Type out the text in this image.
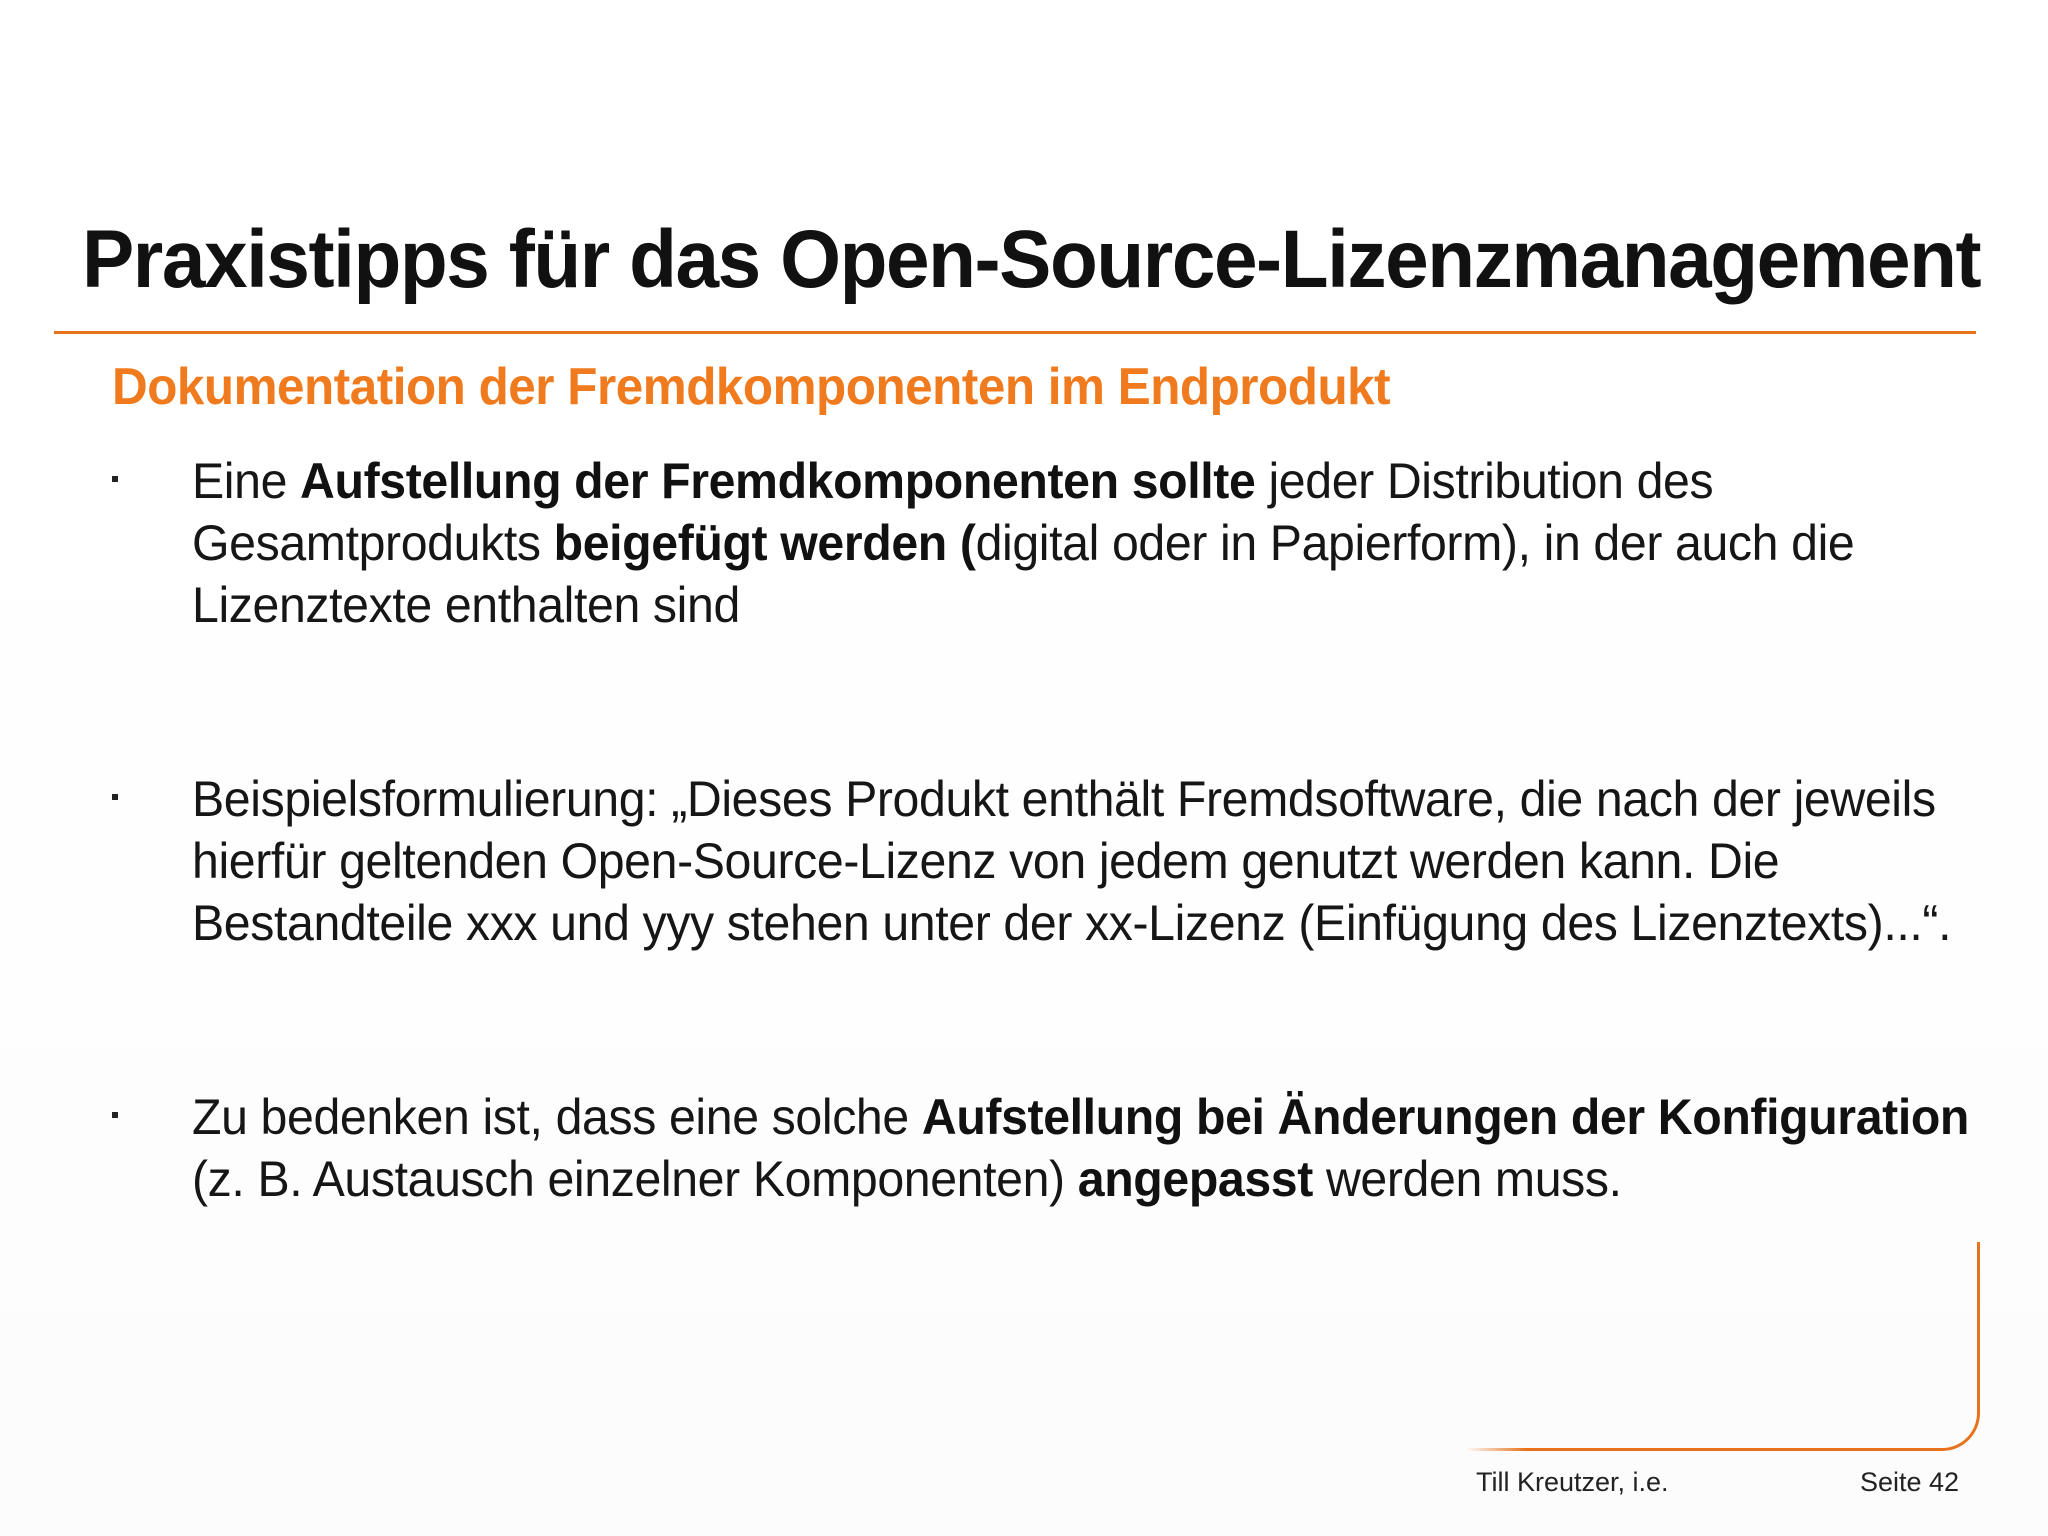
Praxistipps für das Open-Source-Lizenzmanagement
Dokumentation der Fremdkomponenten im Endprodukt
Eine Aufstellung der Fremdkomponenten sollte jeder Distribution des Gesamtprodukts beigefügt werden (digital oder in Papierform), in der auch die Lizenztexte enthalten sind
Beispielsformulierung: „Dieses Produkt enthält Fremdsoftware, die nach der jeweils hierfür geltenden Open-Source-Lizenz von jedem genutzt werden kann. Die Bestandteile xxx und yyy stehen unter der xx-Lizenz (Einfügung des Lizenztexts)...“.
Zu bedenken ist, dass eine solche Aufstellung bei Änderungen der Konfiguration (z. B. Austausch einzelner Komponenten) angepasst werden muss.
Till Kreutzer, i.e.	Seite 42
